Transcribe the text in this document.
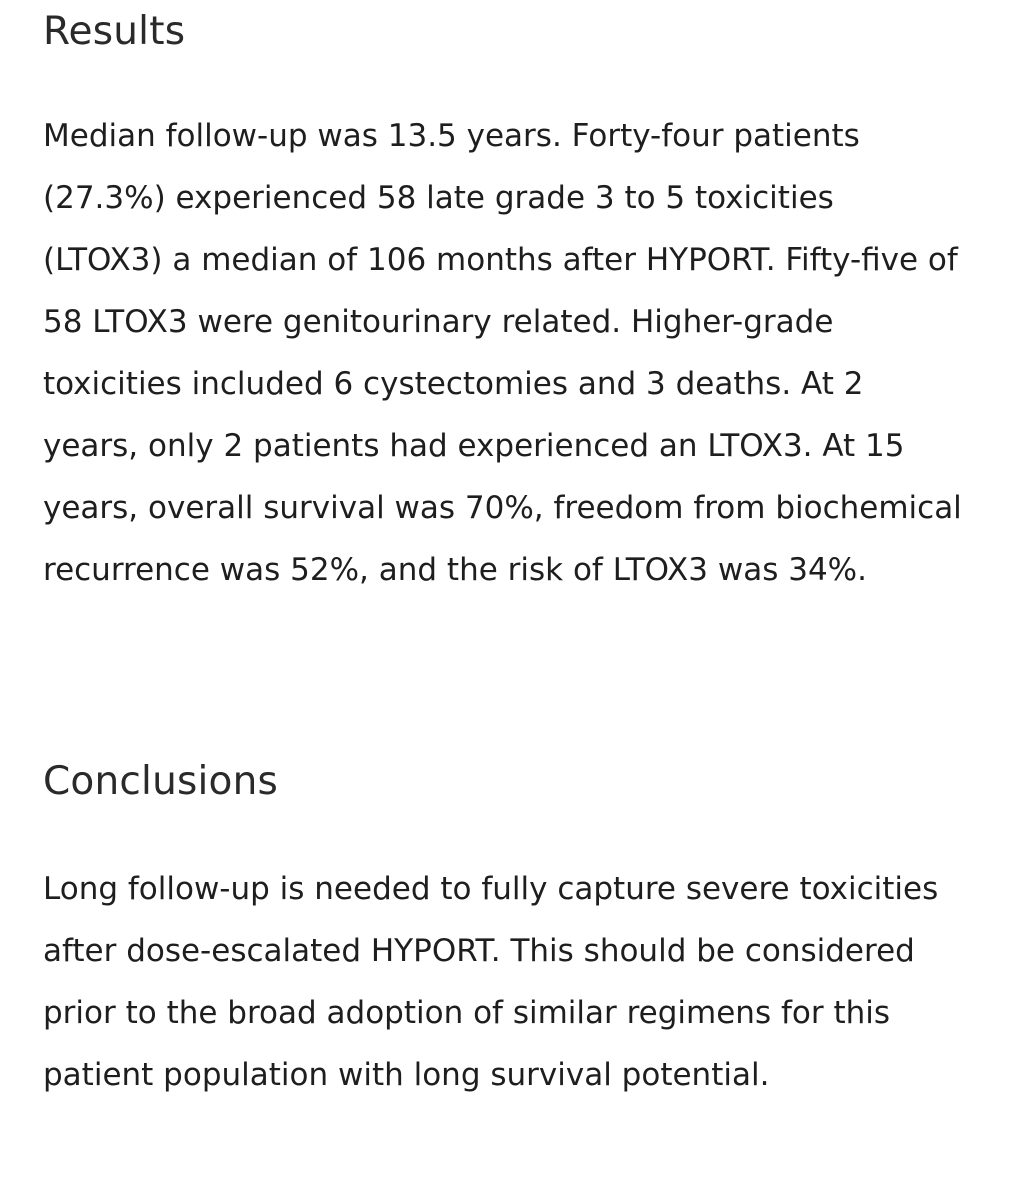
Results

Median follow-up was 13.5 years. Forty-four patients (27.3%) experienced 58 late grade 3 to 5 toxicities (LTOX3) a median of 106 months after HYPORT. Fifty-five of 58 LTOX3 were genitourinary related. Higher-grade toxicities included 6 cystectomies and 3 deaths. At 2 years, only 2 patients had experienced an LTOX3. At 15 years, overall survival was 70%, freedom from biochemical recurrence was 52%, and the risk of LTOX3 was 34%.

Conclusions

Long follow-up is needed to fully capture severe toxicities after dose-escalated HYPORT. This should be considered prior to the broad adoption of similar regimens for this patient population with long survival potential.
